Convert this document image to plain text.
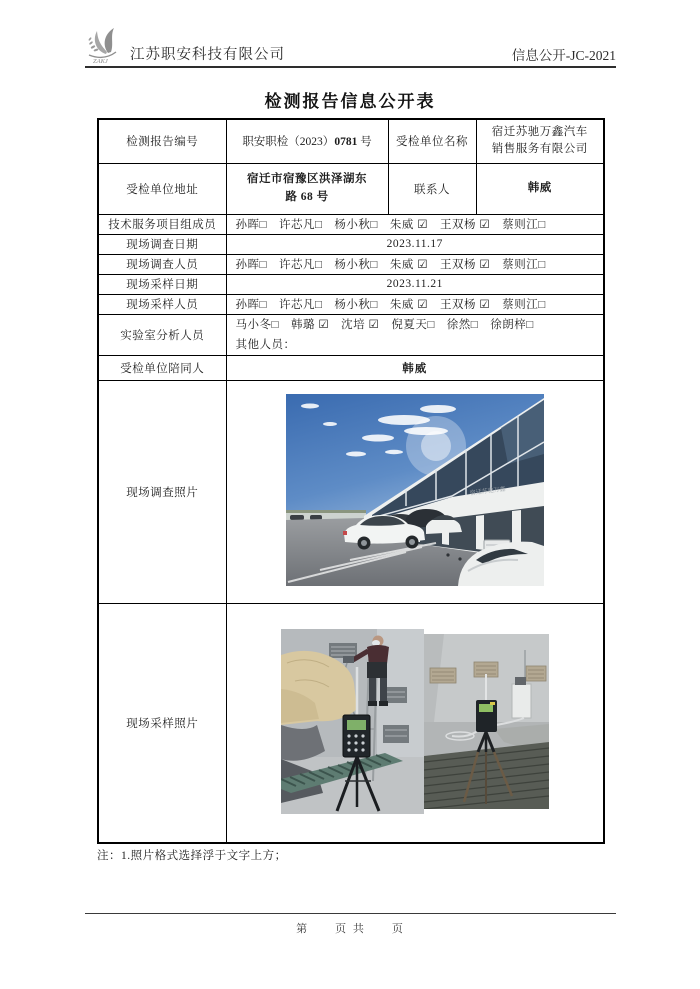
ZAKJ 江苏职安科技有限公司	信息公开-JC-2021
检测报告信息公开表
检测报告编号	职安职检（2023）0781 号	受检单位名称	宿迁苏驰万鑫汽车销售服务有限公司
受检单位地址	宿迁市宿豫区洪泽湖东路 68 号	联系人	韩威
技术服务项目组成员	孙晖□　许芯凡□　杨小秋□　朱威 ☑　王双杨 ☑　蔡则江□		
现场调查日期	2023.11.17		
现场调查人员	孙晖□　许芯凡□　杨小秋□　朱威 ☑　王双杨 ☑　蔡则江□		
现场采样日期	2023.11.21		
现场采样人员	孙晖□　许芯凡□　杨小秋□　朱威 ☑　王双杨 ☑　蔡则江□		
实验室分析人员	马小冬□　韩璐 ☑　沈培 ☑　倪夏天□　徐然□　徐朗梓□
其他人员：		

受检单位陪同人	韩威		
现场调查照片	宿迁苏驰万鑫		

现场采样照片	
注：1.照片格式选择浮于文字上方；
第　　页 共　　页
